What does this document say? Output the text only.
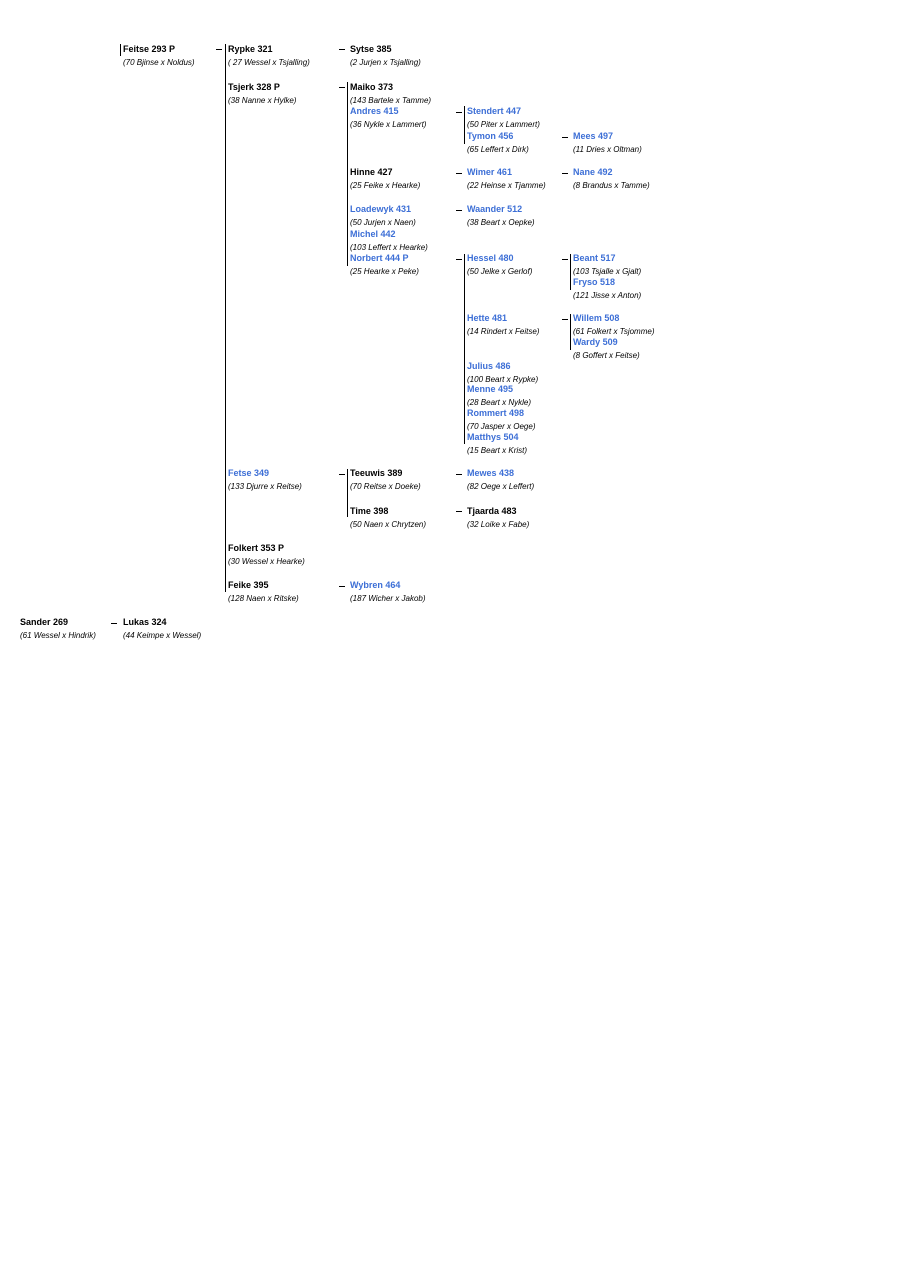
Feitse 293 P
(70 Bjinse x Noldus)
Rypke 321
( 27 Wessel x Tsjalling)
Sytse 385
(2 Jurjen x Tsjalling)
Tsjerk 328 P
(38 Nanne x Hylke)
Maiko 373
(143 Bartele x Tamme)
Andres 415
(36 Nykle x Lammert)
Stendert 447
(50 Piter x Lammert)
Tymon 456
(65 Leffert x Dirk)
Mees 497
(11 Dries x Oltman)
Hinne 427
(25 Feike x Hearke)
Wimer 461
(22 Heinse x Tjamme)
Nane 492
(8 Brandus x Tamme)
Loadewyk 431
(50 Jurjen x Naen)
Waander 512
(38 Beart x Oepke)
Michel 442
(103 Leffert x Hearke)
Norbert 444 P
(25 Hearke x Peke)
Hessel 480
(50 Jelke x Gerlof)
Beant 517
(103 Tsjalle x Gjalt)
Fryso 518
(121 Jisse x Anton)
Hette 481
(14 Rindert x Feitse)
Willem 508
(61 Folkert x Tsjomme)
Wardy 509
(8 Goffert x Feitse)
Julius 486
(100 Beart x Rypke)
Menne 495
(28 Beart x Nykle)
Rommert 498
(70 Jasper x Oege)
Matthys 504
(15 Beart x Krist)
Fetse 349
(133 Djurre x Reitse)
Teeuwis 389
(70 Reitse x Doeke)
Mewes 438
(82 Oege x Leffert)
Time 398
(50 Naen x Chrytzen)
Tjaarda 483
(32 Loike x Fabe)
Folkert 353 P
(30 Wessel x Hearke)
Feike 395
(128 Naen x Ritske)
Wybren 464
(187 Wicher x Jakob)
Sander 269
(61 Wessel x Hindrik)
Lukas 324
(44 Keimpe x Wessel)
